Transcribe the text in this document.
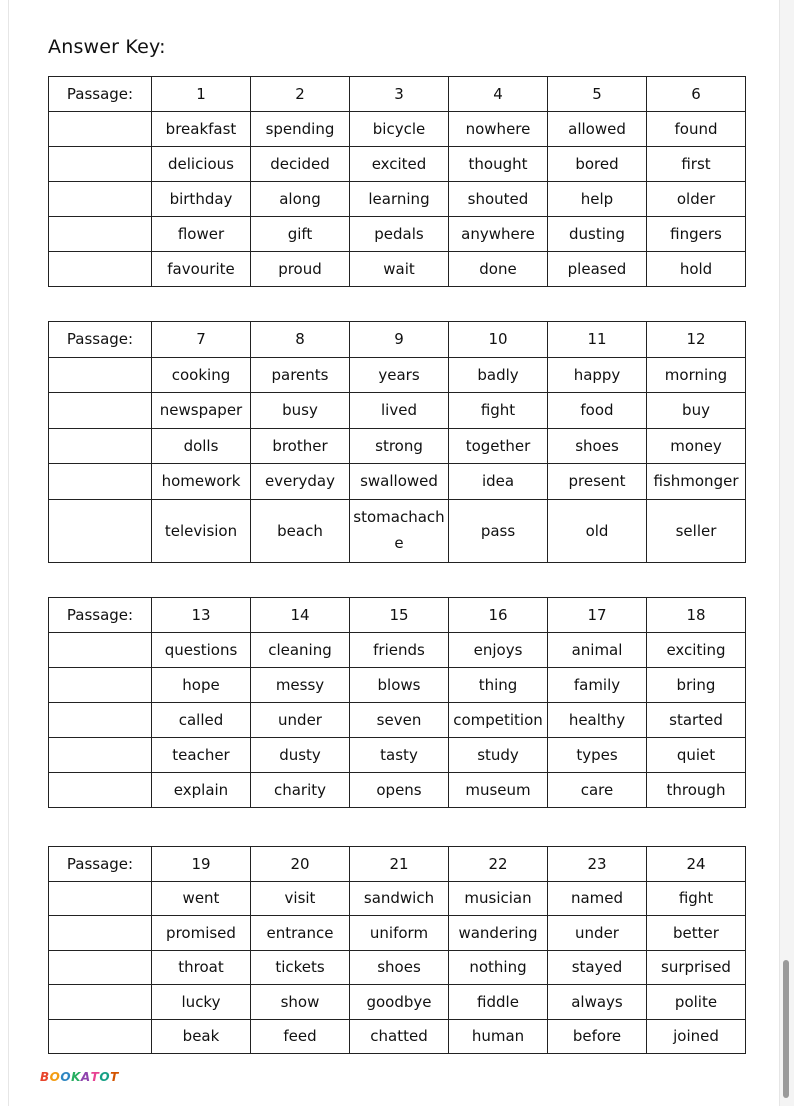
Answer Key:
Passage:	1	2	3	4	5	6
	breakfast	spending	bicycle	nowhere	allowed	found
	delicious	decided	excited	thought	bored	first
	birthday	along	learning	shouted	help	older
	flower	gift	pedals	anywhere	dusting	fingers
	favourite	proud	wait	done	pleased	hold
Passage:	7	8	9	10	11	12
	cooking	parents	years	badly	happy	morning
	newspaper	busy	lived	fight	food	buy
	dolls	brother	strong	together	shoes	money
	homework	everyday	swallowed	idea	present	fishmonger
	television	beach	stomachache	pass	old	seller
Passage:	13	14	15	16	17	18
	questions	cleaning	friends	enjoys	animal	exciting
	hope	messy	blows	thing	family	bring
	called	under	seven	competition	healthy	started
	teacher	dusty	tasty	study	types	quiet
	explain	charity	opens	museum	care	through
Passage:	19	20	21	22	23	24
	went	visit	sandwich	musician	named	fight
	promised	entrance	uniform	wandering	under	better
	throat	tickets	shoes	nothing	stayed	surprised
	lucky	show	goodbye	fiddle	always	polite
	beak	feed	chatted	human	before	joined
BOOKATOT
